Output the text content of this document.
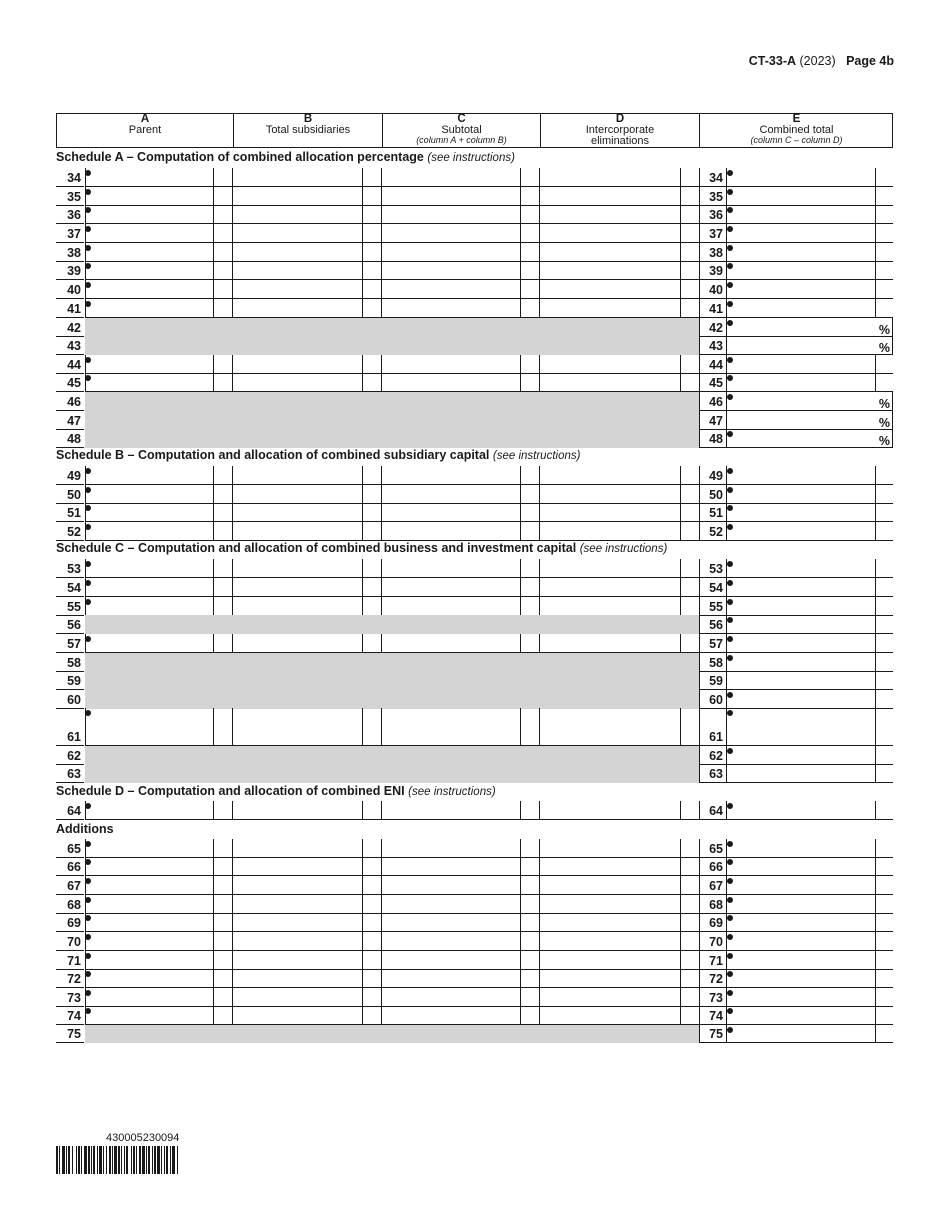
CT-33-A (2023) Page 4b
A
Parent
B
Total subsidiaries
C
Subtotal
(column A + column B)
D
Intercorporate eliminations
E
Combined total
(column C – column D)
Schedule A – Computation of combined allocation percentage (see instructions)
Schedule B – Computation and allocation of combined subsidiary capital (see instructions)
Schedule C – Computation and allocation of combined business and investment capital (see instructions)
Schedule D – Computation and allocation of combined ENI (see instructions)
Additions
34	34
35	35
36	36
37	37
38	38
39	39
40	40
41	41
42	42	%
43	43	%
44	44
45	45
46	46	%
47	47	%
48	48	%
49	49
50	50
51	51
52	52
53	53
54	54
55	55
56	56
57	57
58	58
59	59
60	60
61	61
62	62
63	63
64	64
65	65
66	66
67	67
68	68
69	69
70	70
71	71
72	72
73	73
74	74
75	75
430005230094
